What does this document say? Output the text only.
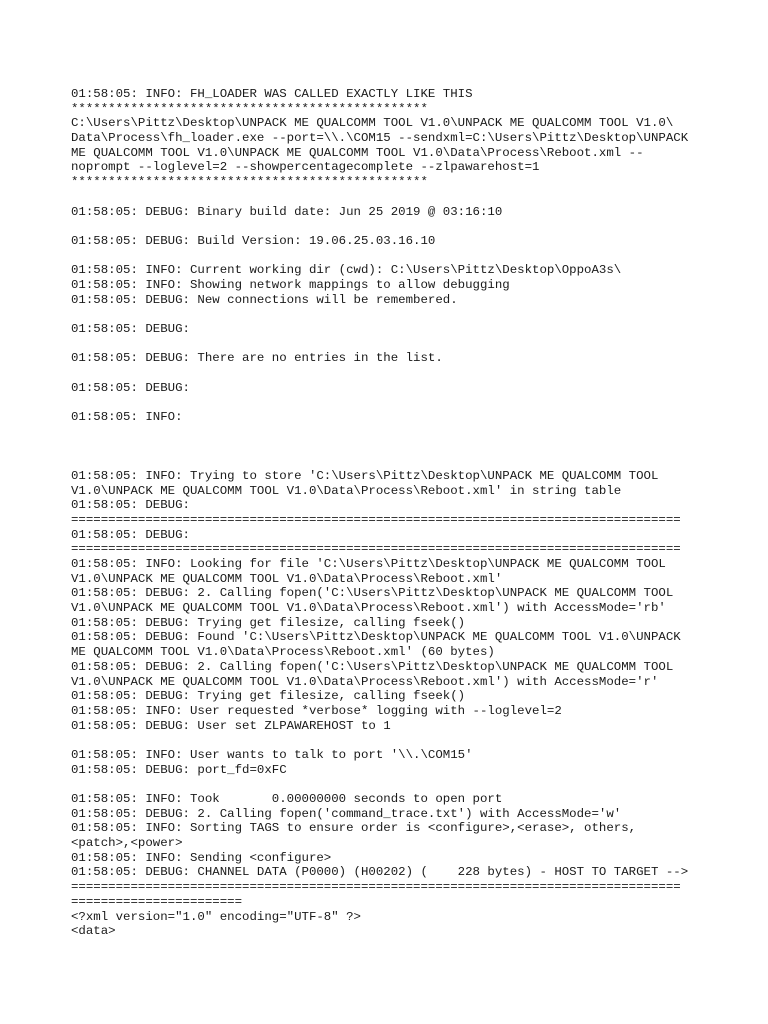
01:58:05: INFO: FH_LOADER WAS CALLED EXACTLY LIKE THIS
************************************************
C:\Users\Pittz\Desktop\UNPACK ME QUALCOMM TOOL V1.0\UNPACK ME QUALCOMM TOOL V1.0\
Data\Process\fh_loader.exe --port=\\.\COM15 --sendxml=C:\Users\Pittz\Desktop\UNPACK
ME QUALCOMM TOOL V1.0\UNPACK ME QUALCOMM TOOL V1.0\Data\Process\Reboot.xml --
noprompt --loglevel=2 --showpercentagecomplete --zlpawarehost=1
************************************************
01:58:05: DEBUG: Binary build date: Jun 25 2019 @ 03:16:10
01:58:05: DEBUG: Build Version: 19.06.25.03.16.10
01:58:05: INFO: Current working dir (cwd): C:\Users\Pittz\Desktop\OppoA3s\
01:58:05: INFO: Showing network mappings to allow debugging
01:58:05: DEBUG: New connections will be remembered.
01:58:05: DEBUG:
01:58:05: DEBUG: There are no entries in the list.
01:58:05: DEBUG:
01:58:05: INFO:
01:58:05: INFO: Trying to store 'C:\Users\Pittz\Desktop\UNPACK ME QUALCOMM TOOL
V1.0\UNPACK ME QUALCOMM TOOL V1.0\Data\Process\Reboot.xml' in string table
01:58:05: DEBUG:
==================================================================================
01:58:05: DEBUG:
==================================================================================
01:58:05: INFO: Looking for file 'C:\Users\Pittz\Desktop\UNPACK ME QUALCOMM TOOL
V1.0\UNPACK ME QUALCOMM TOOL V1.0\Data\Process\Reboot.xml'
01:58:05: DEBUG: 2. Calling fopen('C:\Users\Pittz\Desktop\UNPACK ME QUALCOMM TOOL
V1.0\UNPACK ME QUALCOMM TOOL V1.0\Data\Process\Reboot.xml') with AccessMode='rb'
01:58:05: DEBUG: Trying get filesize, calling fseek()
01:58:05: DEBUG: Found 'C:\Users\Pittz\Desktop\UNPACK ME QUALCOMM TOOL V1.0\UNPACK
ME QUALCOMM TOOL V1.0\Data\Process\Reboot.xml' (60 bytes)
01:58:05: DEBUG: 2. Calling fopen('C:\Users\Pittz\Desktop\UNPACK ME QUALCOMM TOOL
V1.0\UNPACK ME QUALCOMM TOOL V1.0\Data\Process\Reboot.xml') with AccessMode='r'
01:58:05: DEBUG: Trying get filesize, calling fseek()
01:58:05: INFO: User requested *verbose* logging with --loglevel=2
01:58:05: DEBUG: User set ZLPAWAREHOST to 1
01:58:05: INFO: User wants to talk to port '\\.\COM15'
01:58:05: DEBUG: port_fd=0xFC
01:58:05: INFO: Took       0.00000000 seconds to open port
01:58:05: DEBUG: 2. Calling fopen('command_trace.txt') with AccessMode='w'
01:58:05: INFO: Sorting TAGS to ensure order is <configure>,<erase>, others,
<patch>,<power>
01:58:05: INFO: Sending <configure>
01:58:05: DEBUG: CHANNEL DATA (P0000) (H00202) (    228 bytes) - HOST TO TARGET -->
==================================================================================
=======================
<?xml version="1.0" encoding="UTF-8" ?>
<data>
